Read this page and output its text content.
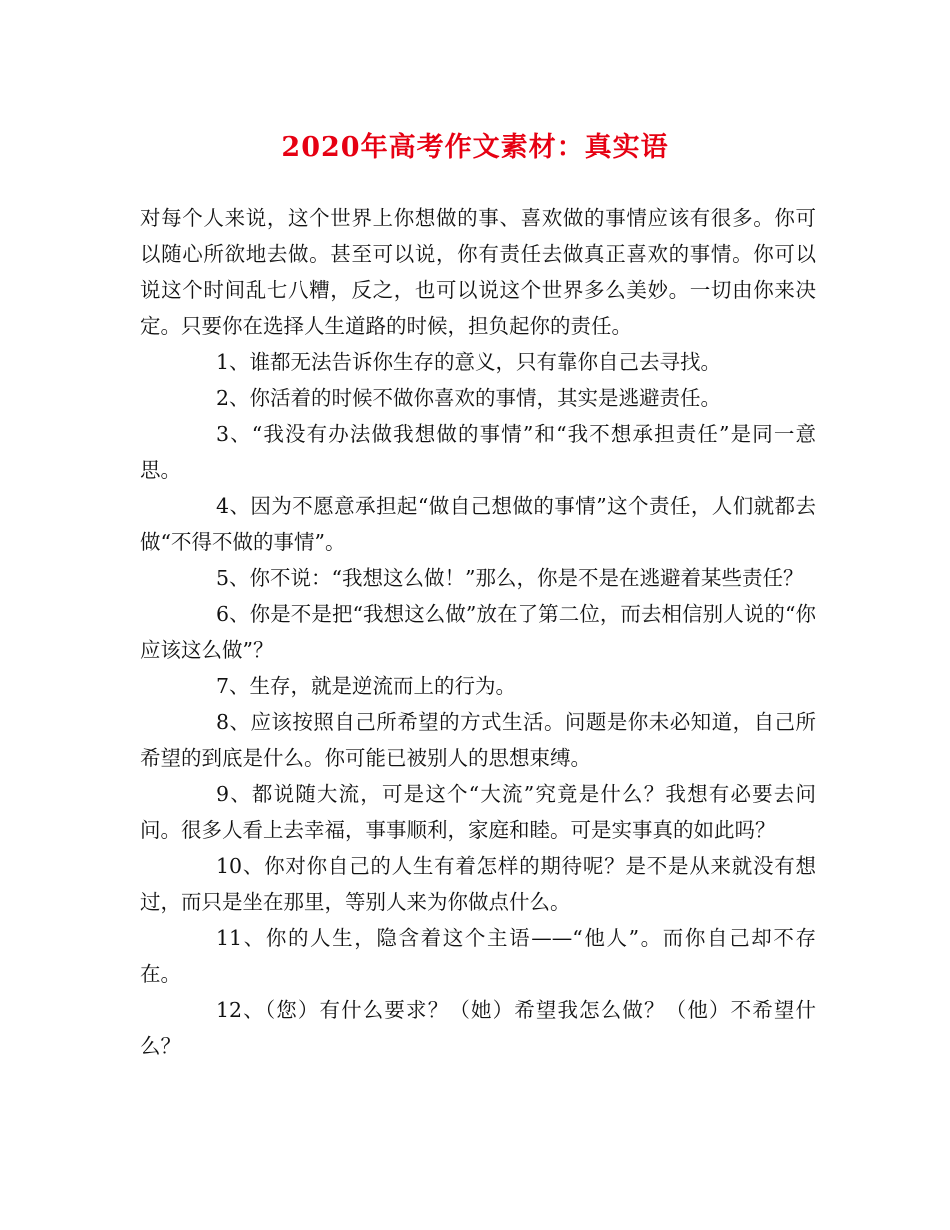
2020年高考作文素材：真实语

对每个人来说，这个世界上你想做的事、喜欢做的事情应该有很多。你可以随心所欲地去做。甚至可以说，你有责任去做真正喜欢的事情。你可以说这个时间乱七八糟，反之，也可以说这个世界多么美妙。一切由你来决定。只要你在选择人生道路的时候，担负起你的责任。

1、谁都无法告诉你生存的意义，只有靠你自己去寻找。

2、你活着的时候不做你喜欢的事情，其实是逃避责任。

3、“我没有办法做我想做的事情”和“我不想承担责任”是同一意思。

4、因为不愿意承担起“做自己想做的事情”这个责任，人们就都去做“不得不做的事情”。

5、你不说：“我想这么做！”那么，你是不是在逃避着某些责任？

6、你是不是把“我想这么做”放在了第二位，而去相信别人说的“你应该这么做”？

7、生存，就是逆流而上的行为。

8、应该按照自己所希望的方式生活。问题是你未必知道，自己所希望的到底是什么。你可能已被别人的思想束缚。

9、都说随大流，可是这个“大流”究竟是什么？我想有必要去问问。很多人看上去幸福，事事顺利，家庭和睦。可是实事真的如此吗？

10、你对你自己的人生有着怎样的期待呢？是不是从来就没有想过，而只是坐在那里，等别人来为你做点什么。

11、你的人生，隐含着这个主语——“他人”。而你自己却不存在。

12、（您）有什么要求？（她）希望我怎么做？（他）不希望什么？
